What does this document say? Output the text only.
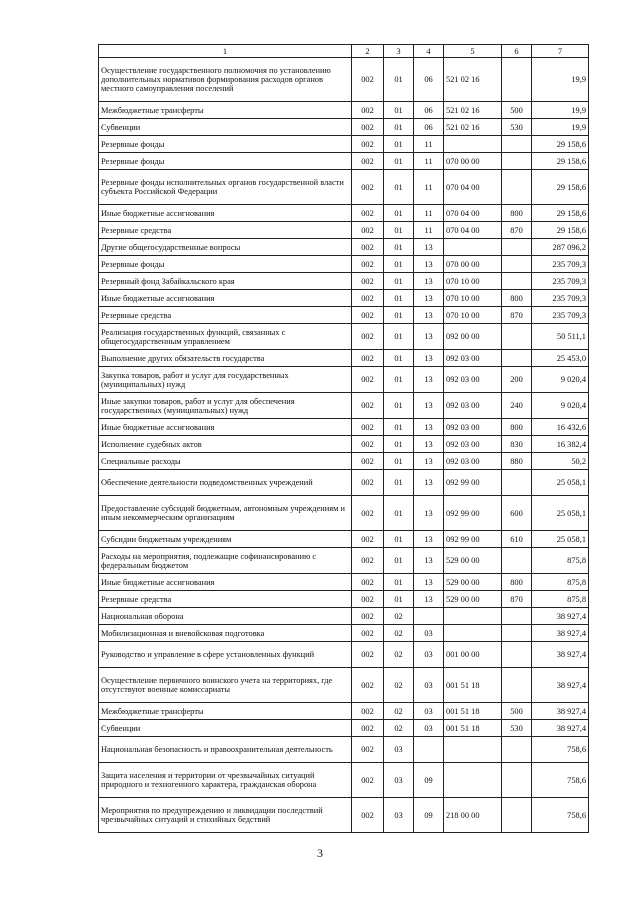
1	2	3	4	5	6	7
Осуществление государственного полномочия по установлению дополнительных нормативов формирования расходов органов местного самоуправления поселений	002	01	06	521 02 16		19,9
Межбюджетные трансферты	002	01	06	521 02 16	500	19,9
Субвенции	002	01	06	521 02 16	530	19,9
Резервные фонды	002	01	11			29 158,6
Резервные фонды	002	01	11	070 00 00		29 158,6
Резервные фонды исполнительных органов государственной власти субъекта Российской Федерации	002	01	11	070 04 00		29 158,6
Иные бюджетные ассигнования	002	01	11	070 04 00	800	29 158,6
Резервные средства	002	01	11	070 04 00	870	29 158,6
Другие общегосударственные вопросы	002	01	13			287 096,2
Резервные фонды	002	01	13	070 00 00		235 709,3
Резервный фонд Забайкальского края	002	01	13	070 10 00		235 709,3
Иные бюджетные ассигнования	002	01	13	070 10 00	800	235 709,3
Резервные средства	002	01	13	070 10 00	870	235 709,3
Реализация государственных функций, связанных с общегосударственным управлением	002	01	13	092 00 00		50 511,1
Выполнение других обязательств государства	002	01	13	092 03 00		25 453,0
Закупка товаров, работ и услуг для государственных (муниципальных) нужд	002	01	13	092 03 00	200	9 020,4
Иные закупки товаров, работ и услуг для обеспечения государственных (муниципальных) нужд	002	01	13	092 03 00	240	9 020,4
Иные бюджетные ассигнования	002	01	13	092 03 00	800	16 432,6
Исполнение судебных актов	002	01	13	092 03 00	830	16 382,4
Специальные расходы	002	01	13	092 03 00	880	50,2
Обеспечение деятельности подведомственных учреждений	002	01	13	092 99 00		25 058,1
Предоставление субсидий бюджетным, автономным учреждениям и иным некоммерческим организациям	002	01	13	092 99 00	600	25 058,1
Субсидии бюджетным учреждениям	002	01	13	092 99 00	610	25 058,1
Расходы на мероприятия, подлежащие софинансированию с федеральным бюджетом	002	01	13	529 00 00		875,8
Иные бюджетные ассигнования	002	01	13	529 00 00	800	875,8
Резервные средства	002	01	13	529 00 00	870	875,8
Национальная оборона	002	02				38 927,4
Мобилизационная и вневойсковая подготовка	002	02	03			38 927,4
Руководство и управление в сфере установленных функций	002	02	03	001 00 00		38 927,4
Осуществление первичного воинского учета на территориях, где отсутствуют военные комиссариаты	002	02	03	001 51 18		38 927,4
Межбюджетные трансферты	002	02	03	001 51 18	500	38 927,4
Субвенции	002	02	03	001 51 18	530	38 927,4
Национальная безопасность и правоохранительная деятельность	002	03				758,6
Защита населения и территории от чрезвычайных ситуаций природного и техногенного характера, гражданская оборона	002	03	09			758,6
Мероприятия по предупреждению и ликвидации последствий чрезвычайных ситуаций и стихийных бедствий	002	03	09	218 00 00		758,6
3
